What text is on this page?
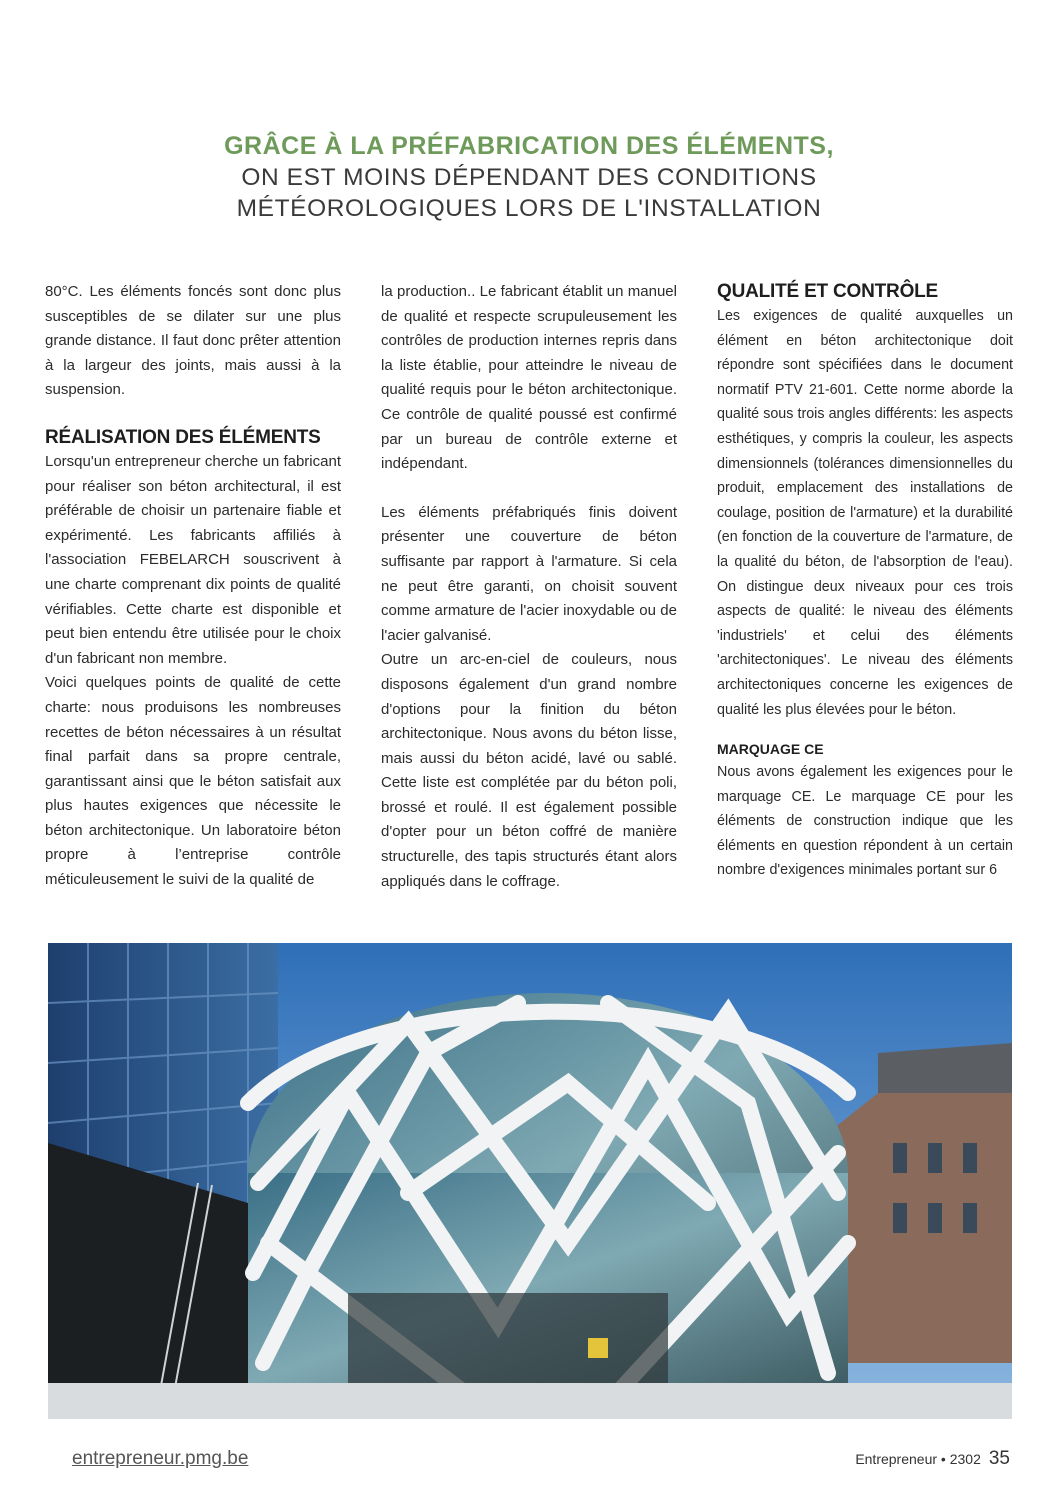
GRÂCE À LA PRÉFABRICATION DES ÉLÉMENTS,
ON EST MOINS DÉPENDANT DES CONDITIONS
MÉTÉOROLOGIQUES LORS DE L'INSTALLATION

80°C. Les éléments foncés sont donc plus susceptibles de se dilater sur une plus grande distance. Il faut donc prêter attention à la largeur des joints, mais aussi à la suspension.

RÉALISATION DES ÉLÉMENTS

Lorsqu'un entrepreneur cherche un fabricant pour réaliser son béton architectural, il est préférable de choisir un partenaire fiable et expérimenté. Les fabricants affiliés à l'association FEBELARCH souscrivent à une charte comprenant dix points de qualité vérifiables. Cette charte est disponible et peut bien entendu être utilisée pour le choix d'un fabricant non membre.

Voici quelques points de qualité de cette charte: nous produisons les nombreuses recettes de béton nécessaires à un résultat final parfait dans sa propre centrale, garantissant ainsi que le béton satisfait aux plus hautes exigences que nécessite le béton architectonique. Un laboratoire béton propre à l’entreprise contrôle méticuleusement le suivi de la qualité de

la production.. Le fabricant établit un manuel de qualité et respecte scrupuleusement les contrôles de production internes repris dans la liste établie, pour atteindre le niveau de qualité requis pour le béton architectonique. Ce contrôle de qualité poussé est confirmé par un bureau de contrôle externe et indépendant.

Les éléments préfabriqués finis doivent présenter une couverture de béton suffisante par rapport à l'armature. Si cela ne peut être garanti, on choisit souvent comme armature de l'acier inoxydable ou de l'acier galvanisé.

Outre un arc-en-ciel de couleurs, nous disposons également d'un grand nombre d'options pour la finition du béton architectonique. Nous avons du béton lisse, mais aussi du béton acidé, lavé ou sablé. Cette liste est complétée par du béton poli, brossé et roulé. Il est également possible d'opter pour un béton coffré de manière structurelle, des tapis structurés étant alors appliqués dans le coffrage.

QUALITÉ ET CONTRÔLE

Les exigences de qualité auxquelles un élément en béton architectonique doit répondre sont spécifiées dans le document normatif PTV 21-601. Cette norme aborde la qualité sous trois angles différents: les aspects esthétiques, y compris la couleur, les aspects dimensionnels (tolérances dimensionnelles du produit, emplacement des installations de coulage, position de l'armature) et la durabilité (en fonction de la couverture de l'armature, de la qualité du béton, de l'absorption de l'eau). On distingue deux niveaux pour ces trois aspects de qualité: le niveau des éléments 'industriels' et celui des éléments 'architectoniques'. Le niveau des éléments architectoniques concerne les exigences de qualité les plus élevées pour le béton.

MARQUAGE CE

Nous avons également les exigences pour le marquage CE. Le marquage CE pour les éléments de construction indique que les éléments en question répondent à un certain nombre d'exigences minimales portant sur 6

entrepreneur.pmg.be	Entrepreneur • 2302 35
